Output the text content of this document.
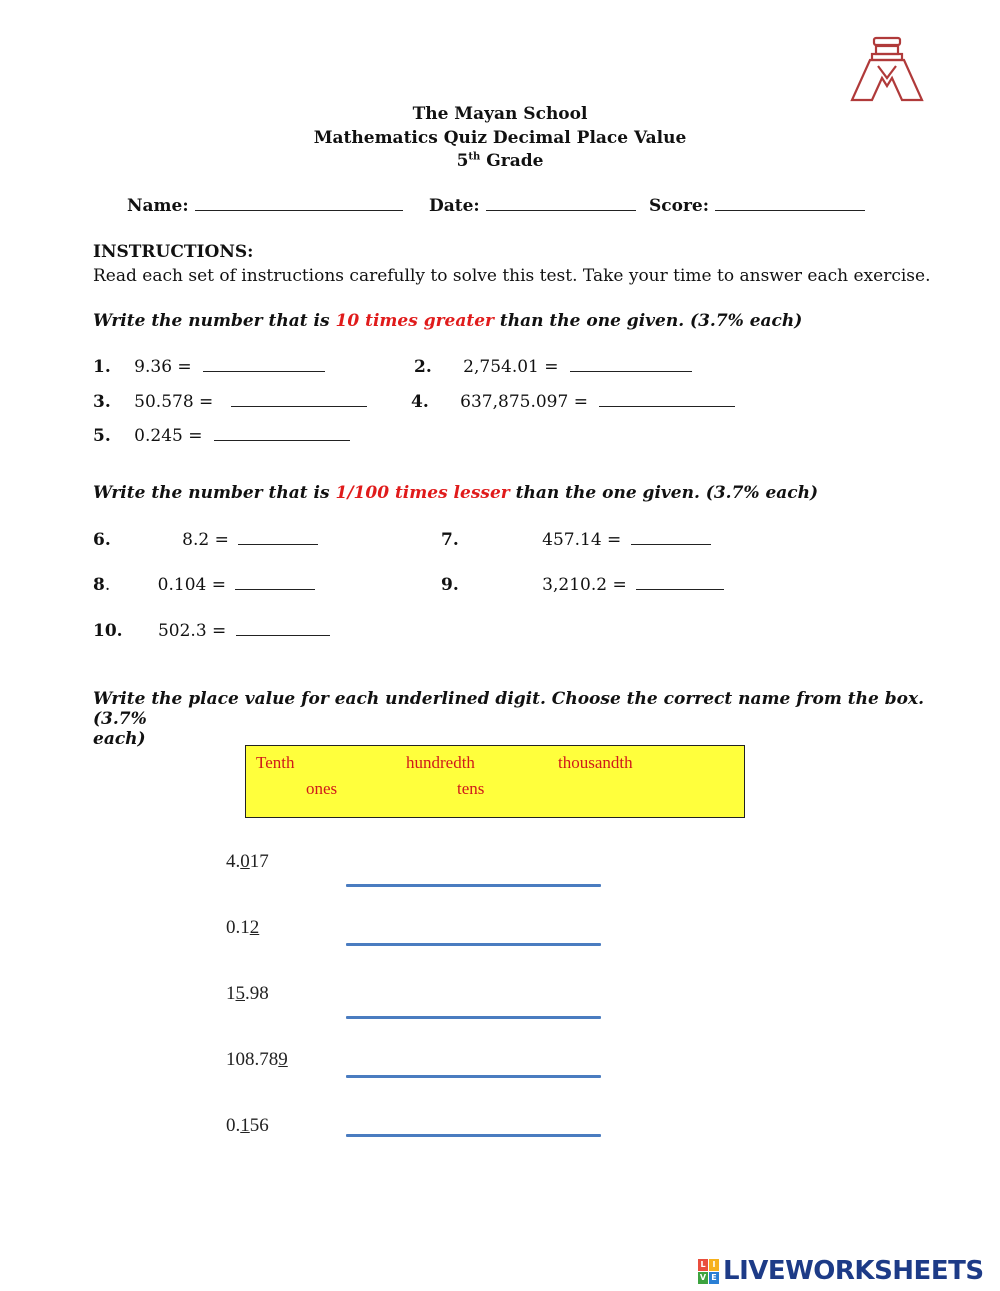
The Mayan School
Mathematics Quiz Decimal Place Value
5th Grade
Name:	Date:	Score:
INSTRUCTIONS:
Read each set of instructions carefully to solve this test. Take your time to answer each exercise.
Write the number that is 10 times greater than the one given. (3.7% each)
1. 9.36 =	2. 2,754.01 =
3. 50.578 =	4. 637,875.097 =
5. 0.245 =
Write the number that is 1/100 times lesser than the one given. (3.7% each)
6.	8.2 =	7.	457.14 =
8.	0.104 =	9.	3,210.2 =
10. 502.3 =
Write the place value for each underlined digit. Choose the correct name from the box. (3.7%
each)
Tenth	hundredth	thousandth
ones	tens
4.017
0.12
15.98
108.789
0.156
L I
V E LIVEWORKSHEETS
